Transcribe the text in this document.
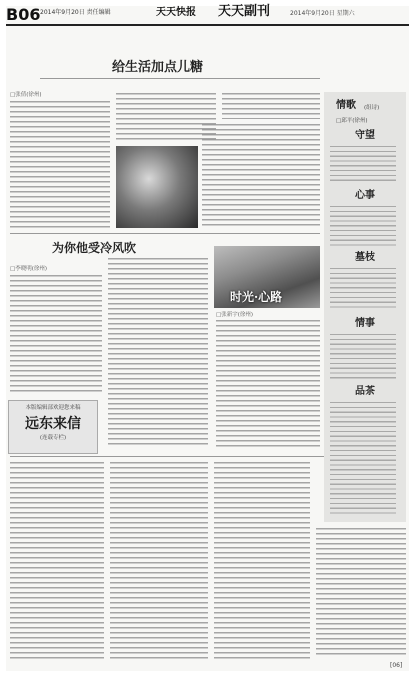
B06 2014年9月20日 责任编辑	天天快报 天天副刊	2014年9月20日 星期六
给生活加点儿糖
□张倩(徐州)
为你他受冷风吹
□李晓明(徐州)
时光·心路
□张新宇(徐州)
本版编辑部欢迎您来稿
远东来信
(连载专栏)
情歌 (组诗)
□邱平(徐州)
守望
心事
墓枝
情事
品茶
[06]
